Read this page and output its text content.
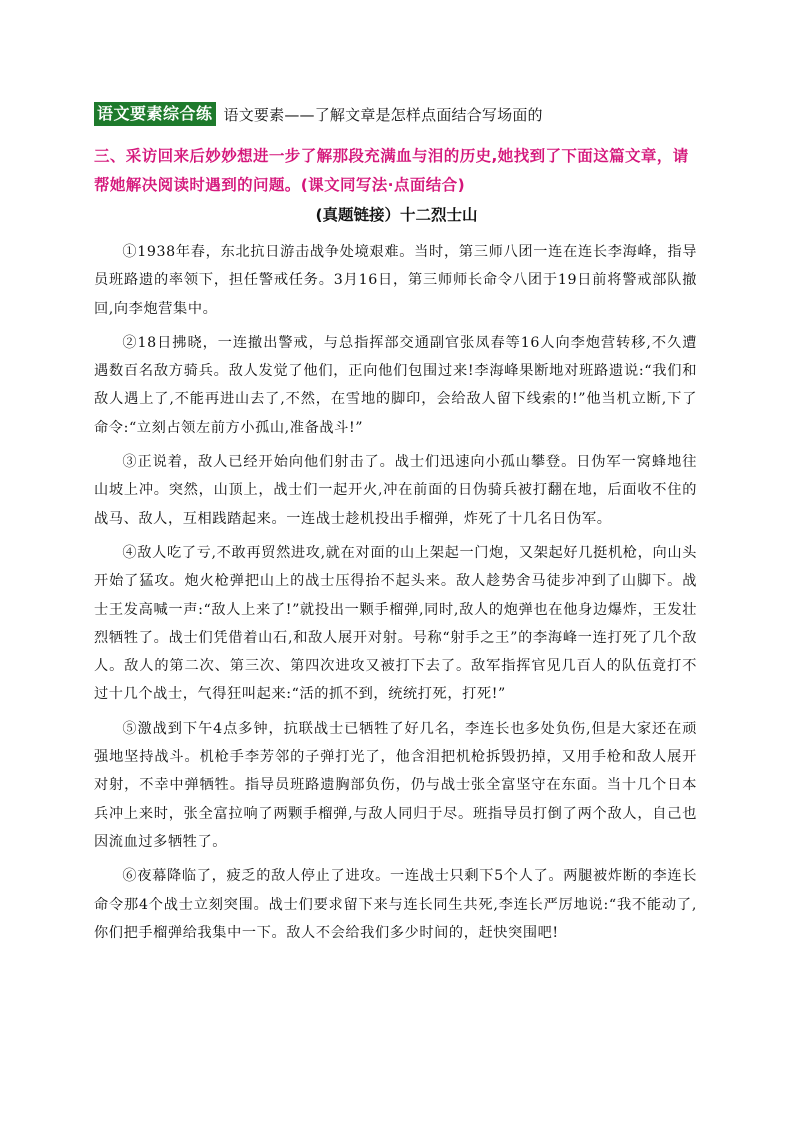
语文要素综合练 语文要素——了解文章是怎样点面结合写场面的

三、采访回来后妙妙想进一步了解那段充满血与泪的历史,她找到了下面这篇文章，请帮她解决阅读时遇到的问题。(课文同写法·点面结合)

(真题链接）十二烈士山

①1938年春，东北抗日游击战争处境艰难。当时，第三师八团一连在连长李海峰，指导员班路遗的率领下，担任警戒任务。3月16日，第三师师长命令八团于19日前将警戒部队撤回,向李炮营集中。

②18日拂晓，一连撤出警戒，与总指挥部交通副官张凤春等16人向李炮营转移,不久遭遇数百名敌方骑兵。敌人发觉了他们，正向他们包围过来!李海峰果断地对班路遗说:“我们和敌人遇上了,不能再进山去了,不然，在雪地的脚印，会给敌人留下线索的!”他当机立断,下了命令:“立刻占领左前方小孤山,准备战斗!”

③正说着，敌人已经开始向他们射击了。战士们迅速向小孤山攀登。日伪军一窝蜂地往山坡上冲。突然，山顶上，战士们一起开火,冲在前面的日伪骑兵被打翻在地，后面收不住的战马、敌人，互相践踏起来。一连战士趁机投出手榴弹，炸死了十几名日伪军。

④敌人吃了亏,不敢再贸然进攻,就在对面的山上架起一门炮，又架起好几挺机枪，向山头开始了猛攻。炮火枪弹把山上的战士压得抬不起头来。敌人趁势舍马徒步冲到了山脚下。战士王发高喊一声:“敌人上来了!”就投出一颗手榴弹,同时,敌人的炮弹也在他身边爆炸，王发壮烈牺牲了。战士们凭借着山石,和敌人展开对射。号称“射手之王”的李海峰一连打死了几个敌人。敌人的第二次、第三次、第四次进攻又被打下去了。敌军指挥官见几百人的队伍竟打不过十几个战士，气得狂叫起来:“活的抓不到，统统打死，打死!”

⑤激战到下午4点多钟，抗联战士已牺牲了好几名，李连长也多处负伤,但是大家还在顽强地坚持战斗。机枪手李芳邻的子弹打光了，他含泪把机枪拆毁扔掉，又用手枪和敌人展开对射，不幸中弹牺牲。指导员班路遗胸部负伤，仍与战士张全富坚守在东面。当十几个日本兵冲上来时，张全富拉响了两颗手榴弹,与敌人同归于尽。班指导员打倒了两个敌人，自己也因流血过多牺牲了。

⑥夜幕降临了，疲乏的敌人停止了进攻。一连战士只剩下5个人了。两腿被炸断的李连长命令那4个战士立刻突围。战士们要求留下来与连长同生共死,李连长严厉地说:“我不能动了,你们把手榴弹给我集中一下。敌人不会给我们多少时间的，赶快突围吧!
